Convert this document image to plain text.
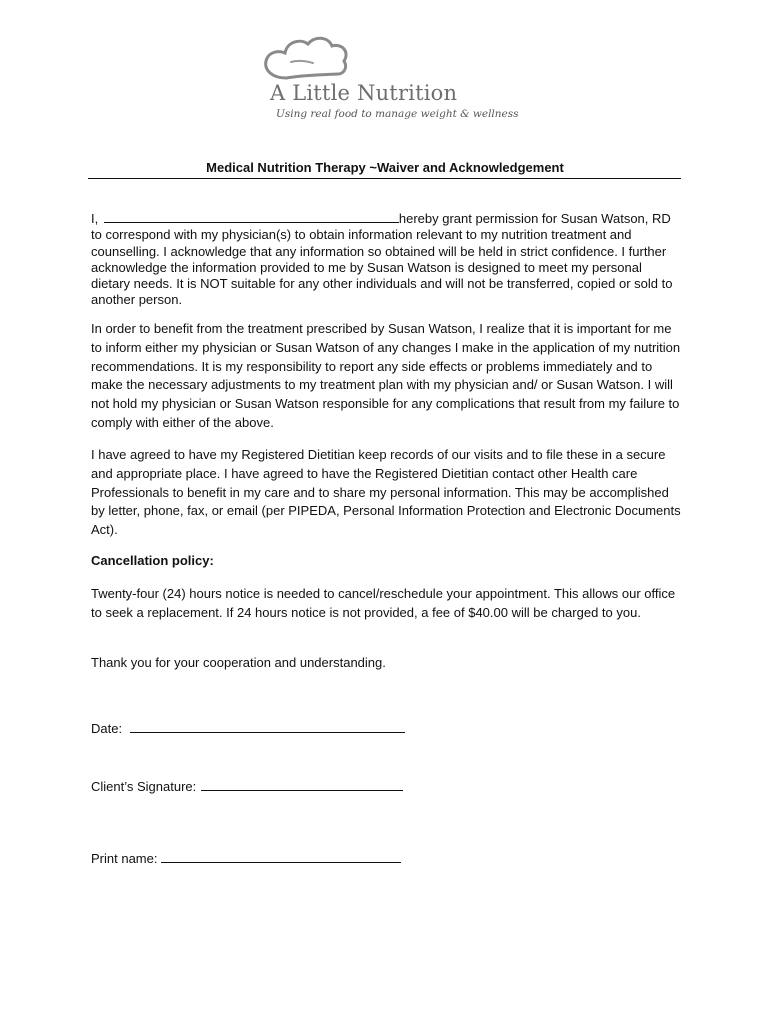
A Little Nutrition
Using real food to manage weight & wellness
Medical Nutrition Therapy ~Waiver and Acknowledgement

I,	hereby grant permission for Susan Watson, RD to correspond with my physician(s) to obtain information relevant to my nutrition treatment and counselling. I acknowledge that any information so obtained will be held in strict confidence. I further acknowledge the information provided to me by Susan Watson is designed to meet my personal dietary needs. It is NOT suitable for any other individuals and will not be transferred, copied or sold to another person.

In order to benefit from the treatment prescribed by Susan Watson, I realize that it is important for me to inform either my physician or Susan Watson of any changes I make in the application of my nutrition recommendations. It is my responsibility to report any side effects or problems immediately and to make the necessary adjustments to my treatment plan with my physician and/ or Susan Watson. I will not hold my physician or Susan Watson responsible for any complications that result from my failure to comply with either of the above.

I have agreed to have my Registered Dietitian keep records of our visits and to file these in a secure and appropriate place. I have agreed to have the Registered Dietitian contact other Health care Professionals to benefit in my care and to share my personal information. This may be accomplished by letter, phone, fax, or email (per PIPEDA, Personal Information Protection and Electronic Documents Act).

Cancellation policy:

Twenty-four (24) hours notice is needed to cancel/reschedule your appointment. This allows our office to seek a replacement. If 24 hours notice is not provided, a fee of $40.00 will be charged to you.

Thank you for your cooperation and understanding.

Date:
Client’s Signature:
Print name:
